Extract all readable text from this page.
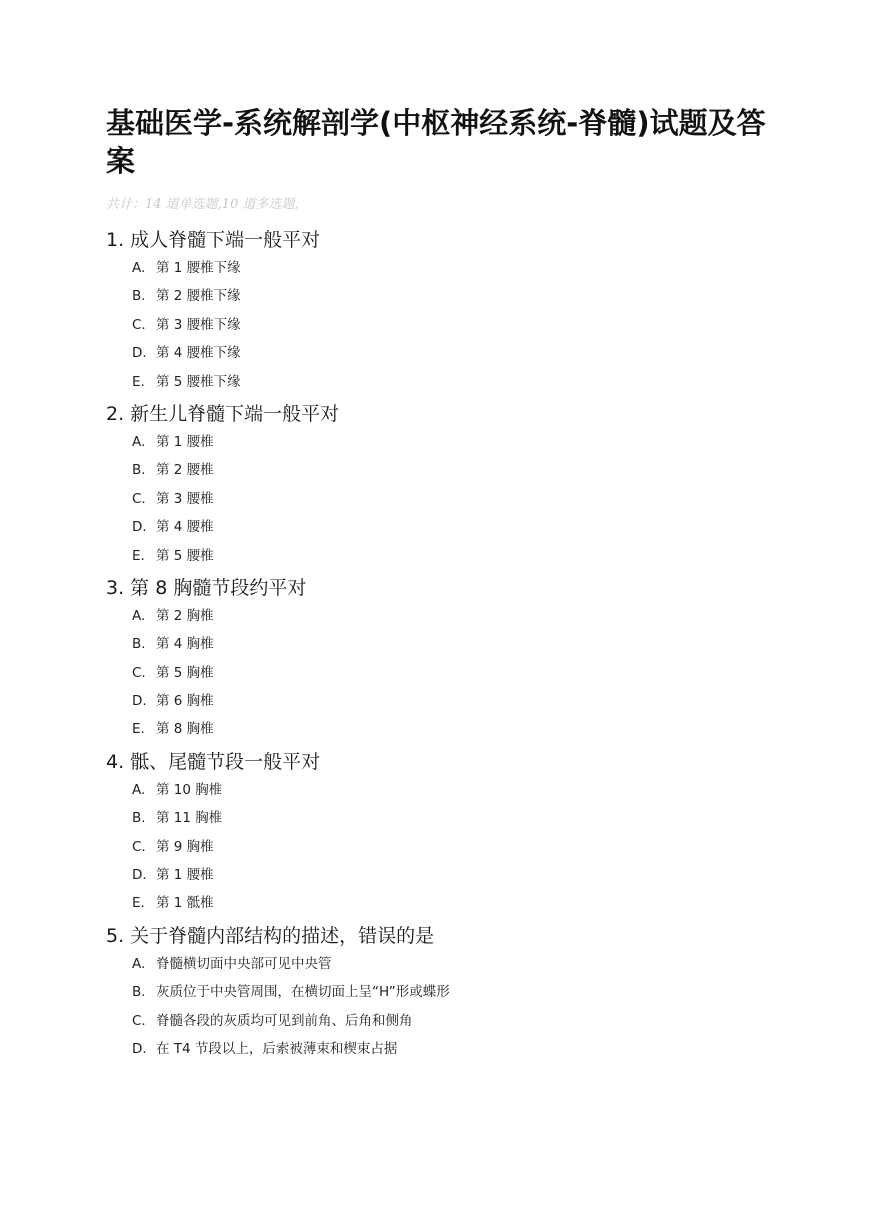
基础医学-系统解剖学(中枢神经系统-脊髓)试题及答案
共计：14 道单选题,10 道多选题,
1. 成人脊髓下端一般平对
A. 第 1 腰椎下缘
B. 第 2 腰椎下缘
C. 第 3 腰椎下缘
D. 第 4 腰椎下缘
E. 第 5 腰椎下缘
2. 新生儿脊髓下端一般平对
A. 第 1 腰椎
B. 第 2 腰椎
C. 第 3 腰椎
D. 第 4 腰椎
E. 第 5 腰椎
3. 第 8 胸髓节段约平对
A. 第 2 胸椎
B. 第 4 胸椎
C. 第 5 胸椎
D. 第 6 胸椎
E. 第 8 胸椎
4. 骶、尾髓节段一般平对
A. 第 10 胸椎
B. 第 11 胸椎
C. 第 9 胸椎
D. 第 1 腰椎
E. 第 1 骶椎
5. 关于脊髓内部结构的描述，错误的是
A. 脊髓横切面中央部可见中央管
B. 灰质位于中央管周围，在横切面上呈“H”形或蝶形
C. 脊髓各段的灰质均可见到前角、后角和侧角
D. 在 T4 节段以上，后索被薄束和楔束占据
